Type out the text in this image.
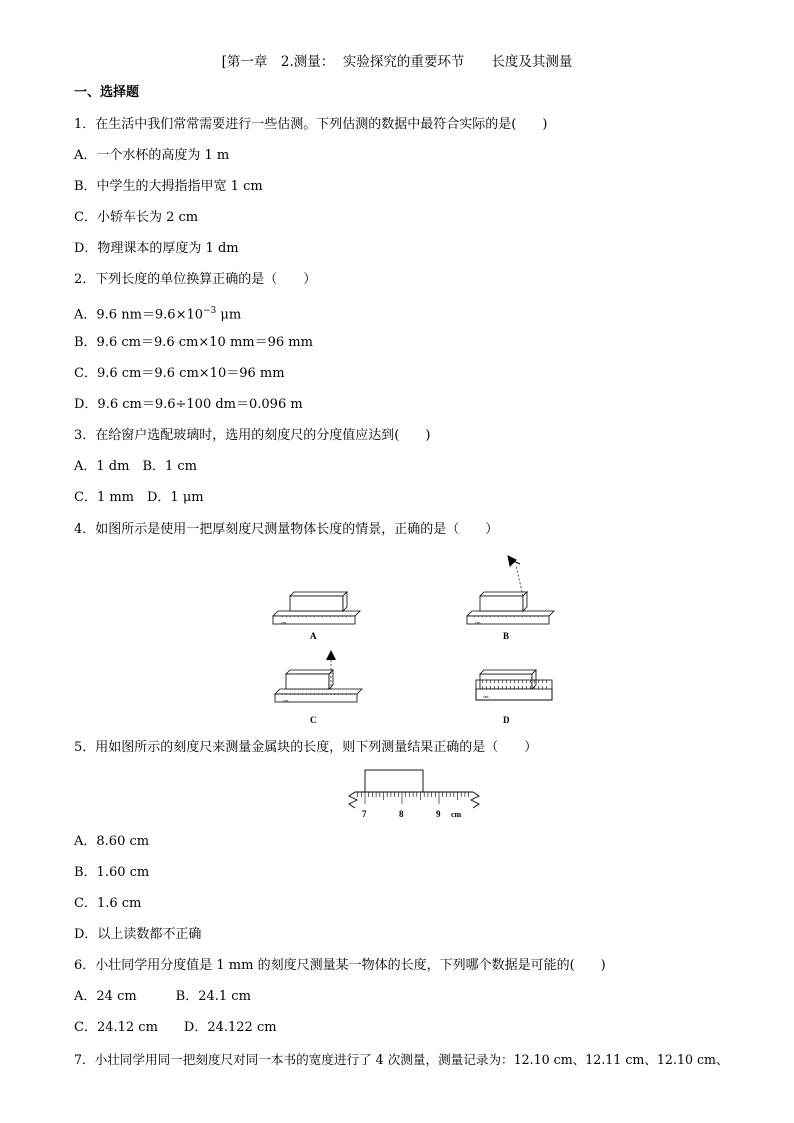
[第一章　2.测量：  实验探究的重要环节　　长度及其测量
一、选择题
1．在生活中我们常常需要进行一些估测。下列估测的数据中最符合实际的是(　　)
A．一个水杯的高度为 1 m
B．中学生的大拇指指甲宽 1 cm
C．小轿车长为 2 cm
D．物理课本的厚度为 1 dm
2．下列长度的单位换算正确的是（　　）
A．9.6 $nm=9.6\times 10^{-3}$ μm
B．9.6 cm＝9.6 cm×10 mm＝96 mm
C．9.6 cm＝9.6 cm×10＝96 mm
D．9.6 cm＝9.6÷100 dm＝0.096 m
3．在给窗户选配玻璃时，选用的刻度尺的分度值应达到(　　)
A．1 dm　B．1 cm
C．1 mm　D．1 μm
4．如图所示是使用一把厚刻度尺测量物体长度的情景，正确的是（　　）
cm
A
cm
B
cm
C
cm
D
5．用如图所示的刻度尺来测量金属块的长度，则下列测量结果正确的是（　　）
7	8	9 cm
A．8.60 cm
B．1.60 cm
C．1.6 cm
D．以上读数都不正确
6．小壮同学用分度值是 1 mm 的刻度尺测量某一物体的长度，下列哪个数据是可能的(　　)
A．24 cm　　　B．24.1 cm
C．24.12 cm　　D．24.122 cm
7．小壮同学用同一把刻度尺对同一本书的宽度进行了 4 次测量，测量记录为：12.10 cm、12.11 cm、12.10 cm、
